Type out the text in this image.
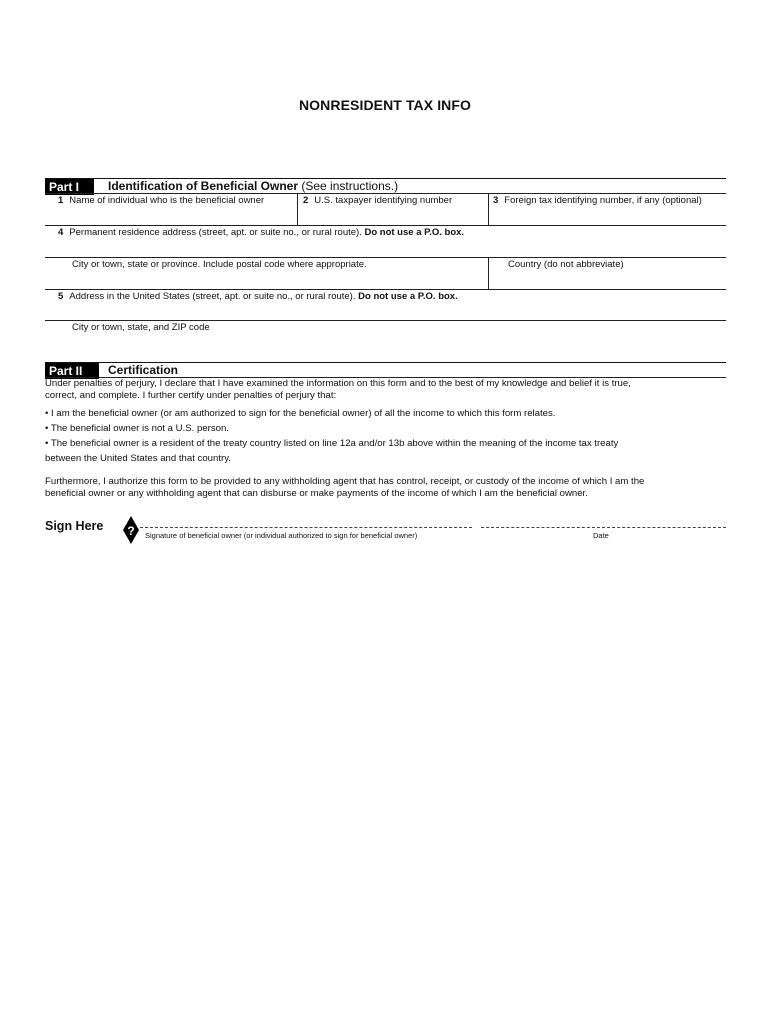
NONRESIDENT TAX INFO
Part I	Identification of Beneficial Owner (See instructions.)
1 Name of individual who is the beneficial owner	2 U.S. taxpayer identifying number	3 Foreign tax identifying number, if any (optional)
4 Permanent residence address (street, apt. or suite no., or rural route). Do not use a P.O. box.
City or town, state or province. Include postal code where appropriate.	Country (do not abbreviate)
5 Address in the United States (street, apt. or suite no., or rural route). Do not use a P.O. box.
City or town, state, and ZIP code
Part II	Certification
Under penalties of perjury, I declare that I have examined the information on this form and to the best of my knowledge and belief it is true,
correct, and complete. I further certify under penalties of perjury that:
• I am the beneficial owner (or am authorized to sign for the beneficial owner) of all the income to which this form relates.
• The beneficial owner is not a U.S. person.
• The beneficial owner is a resident of the treaty country listed on line 12a and/or 13b above within the meaning of the income tax treaty
between the United States and that country.
Furthermore, I authorize this form to be provided to any withholding agent that has control, receipt, or custody of the income of which I am the
beneficial owner or any withholding agent that can disburse or make payments of the income of which I am the beneficial owner.
Sign Here ? Signature of beneficial owner (or individual authorized to sign for beneficial owner)	Date
